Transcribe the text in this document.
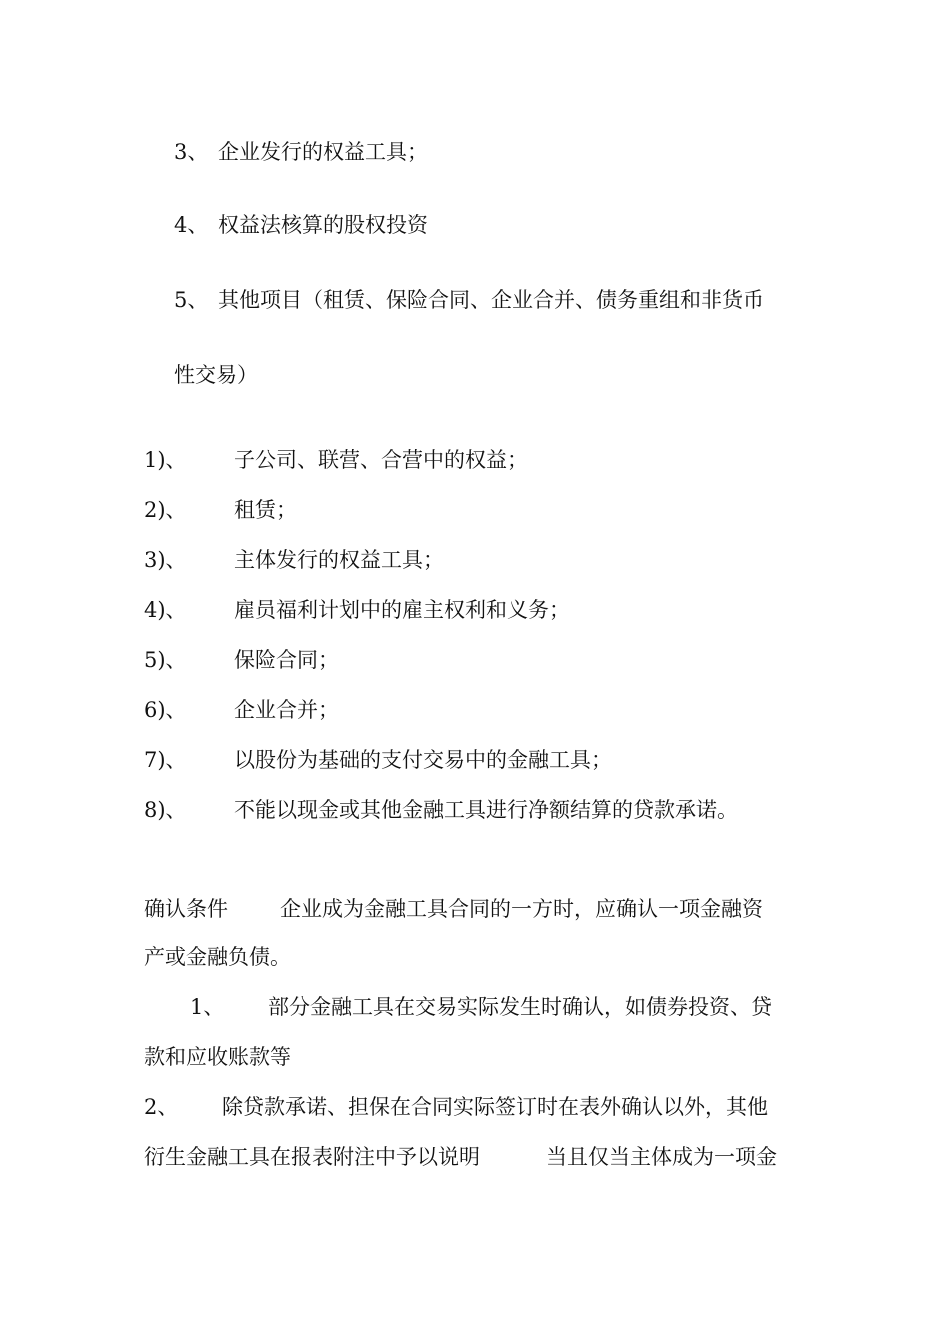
3、 企业发行的权益工具；
4、 权益法核算的股权投资
5、 其他项目（租赁、保险合同、企业合并、债务重组和非货币
性交易）
1)、 子公司、联营、合营中的权益；
2)、 租赁；
3)、 主体发行的权益工具；
4)、 雇员福利计划中的雇主权利和义务；
5)、 保险合同；
6)、 企业合并；
7)、 以股份为基础的支付交易中的金融工具；
8)、 不能以现金或其他金融工具进行净额结算的贷款承诺。
确认条件 企业成为金融工具合同的一方时，应确认一项金融资
产或金融负债。
1、 部分金融工具在交易实际发生时确认，如债券投资、贷
款和应收账款等
2、 除贷款承诺、担保在合同实际签订时在表外确认以外，其他
衍生金融工具在报表附注中予以说明	当且仅当主体成为一项金
